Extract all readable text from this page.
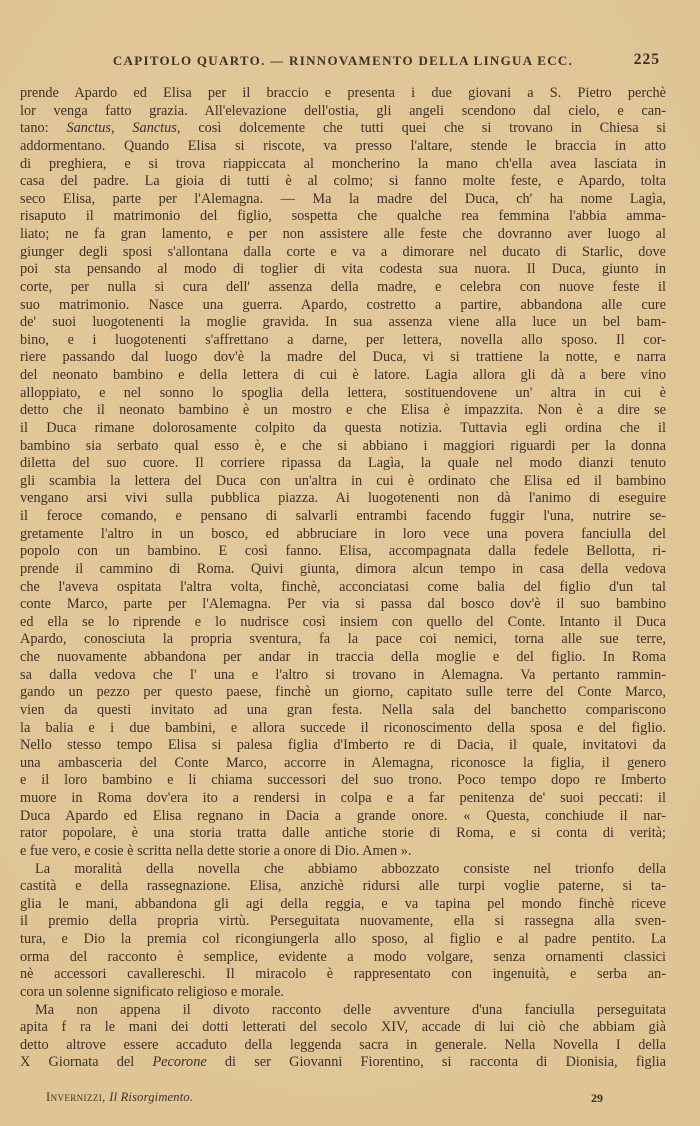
CAPITOLO QUARTO. — RINNOVAMENTO DELLA LINGUA ECC.	225
prende Apardo ed Elisa per il braccio e presenta i due giovani a S. Pietro perchè
lor venga fatto grazia. All'elevazione dell'ostia, gli angeli scendono dal cielo, e can-
tano: Sanctus, Sanctus, così dolcemente che tutti quei che si trovano in Chiesa si
addormentano. Quando Elisa si riscote, va presso l'altare, stende le braccia in atto
di preghiera, e si trova riappiccata al moncherino la mano ch'ella avea lasciata in
casa del padre. La gioia di tutti è al colmo; si fanno molte feste, e Apardo, tolta
seco Elisa, parte per l'Alemagna. — Ma la madre del Duca, ch' ha nome Lagìa,
risaputo il matrimonio del figlio, sospetta che qualche rea femmina l'abbia amma-
liato; ne fa gran lamento, e per non assistere alle feste che dovranno aver luogo al
giunger degli sposi s'allontana dalla corte e va a dimorare nel ducato di Starlic, dove
poi sta pensando al modo di toglier di vita codesta sua nuora. Il Duca, giunto in
corte, per nulla si cura dell' assenza della madre, e celebra con nuove feste il
suo matrimonio. Nasce una guerra. Apardo, costretto a partire, abbandona alle cure
de' suoi luogotenenti la moglie gravida. In sua assenza viene alla luce un bel bam-
bino, e i luogotenenti s'affrettano a darne, per lettera, novella allo sposo. Il cor-
riere passando dal luogo dov'è la madre del Duca, vi si trattiene la notte, e narra
del neonato bambino e della lettera di cui è latore. Lagia allora gli dà a bere vino
alloppiato, e nel sonno lo spoglia della lettera, sostituendovene un' altra in cui è
detto che il neonato bambino è un mostro e che Elisa è impazzita. Non è a dire se
il Duca rimane dolorosamente colpito da questa notizia. Tuttavia egli ordina che il
bambino sia serbato qual esso è, e che si abbiano i maggiori riguardi per la donna
diletta del suo cuore. Il corriere ripassa da Lagìa, la quale nel modo dianzi tenuto
gli scambia la lettera del Duca con un'altra in cui è ordinato che Elisa ed il bambino
vengano arsi vivi sulla pubblica piazza. Ai luogotenenti non dà l'animo di eseguire
il feroce comando, e pensano di salvarli entrambi facendo fuggir l'una, nutrire se-
gretamente l'altro in un bosco, ed abbruciare in loro vece una povera fanciulla del
popolo con un bambino. E così fanno. Elisa, accompagnata dalla fedele Bellotta, ri-
prende il cammino di Roma. Quivi giunta, dimora alcun tempo in casa della vedova
che l'aveva ospitata l'altra volta, finchè, acconciatasi come balia del figlio d'un tal
conte Marco, parte per l'Alemagna. Per via si passa dal bosco dov'è il suo bambino
ed ella se lo riprende e lo nudrisce così insiem con quello del Conte. Intanto il Duca
Apardo, conosciuta la propria sventura, fa la pace coi nemici, torna alle sue terre,
che nuovamente abbandona per andar in traccia della moglie e del figlio. In Roma
sa dalla vedova che l' una e l'altro si trovano in Alemagna. Va pertanto rammin-
gando un pezzo per questo paese, finchè un giorno, capitato sulle terre del Conte Marco,
vien da questi invitato ad una gran festa. Nella sala del banchetto compariscono
la balia e i due bambini, e allora succede il riconoscimento della sposa e del figlio.
Nello stesso tempo Elisa si palesa figlia d'Imberto re di Dacia, il quale, invitatovi da
una ambasceria del Conte Marco, accorre in Alemagna, riconosce la figlia, il genero
e il loro bambino e li chiama successori del suo trono. Poco tempo dopo re Imberto
muore in Roma dov'era ito a rendersi in colpa e a far penitenza de' suoi peccati: il
Duca Apardo ed Elisa regnano in Dacia a grande onore. « Questa, conchiude il nar-
rator popolare, è una storia tratta dalle antiche storie di Roma, e si conta di verità;
e fue vero, e cosie è scritta nella dette storie a onore di Dio. Amen ».
La moralità della novella che abbiamo abbozzato consiste nel trionfo della
castità e della rassegnazione. Elisa, anzichè ridursi alle turpi voglie paterne, si ta-
glia le mani, abbandona gli agi della reggia, e va tapina pel mondo finchè riceve
il premio della propria virtù. Perseguitata nuovamente, ella si rassegna alla sven-
tura, e Dio la premia col ricongiungerla allo sposo, al figlio e al padre pentito. La
orma del racconto è semplice, evidente a modo volgare, senza ornamenti classici
nè accessori cavallereschi. Il miracolo è rappresentato con ingenuità, e serba an-
cora un solenne significato religioso e morale.
Ma non appena il divoto racconto delle avventure d'una fanciulla perseguitata
apita f ra le mani dei dotti letterati del secolo XIV, accade di lui ciò che abbiam già
detto altrove essere accaduto della leggenda sacra in generale. Nella Novella I della
X Giornata del Pecorone di ser Giovanni Fiorentino, si racconta di Dionisia, figlia
Invernizzi, Il Risorgimento.	29
